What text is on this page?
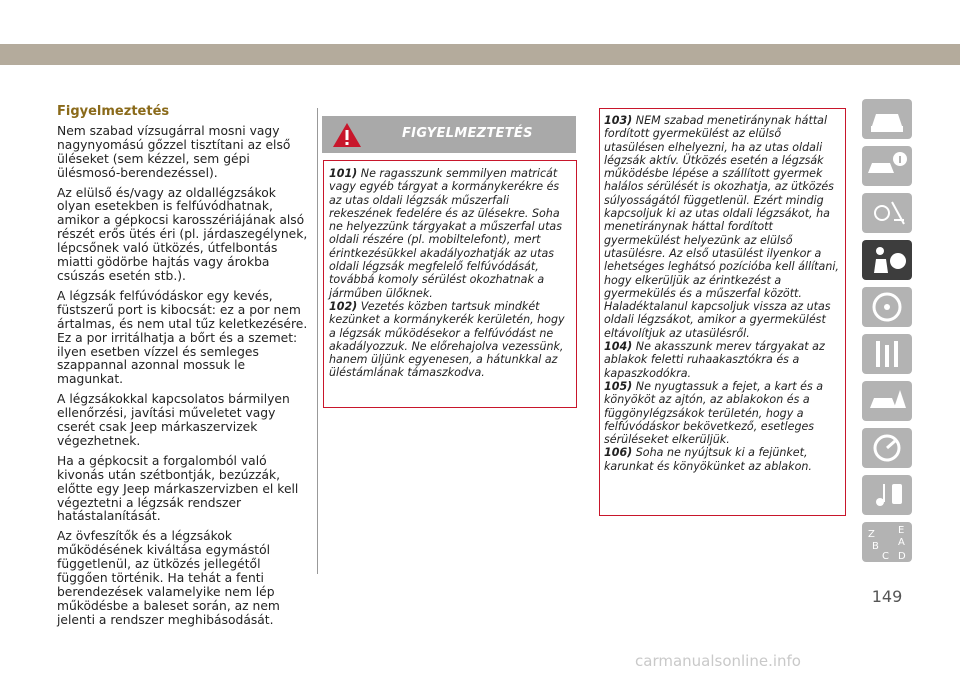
Figyelmeztetés

Nem szabad vízsugárral mosni vagy nagynyomású gőzzel tisztítani az első üléseket (sem kézzel, sem gépi ülésmosó-berendezéssel).

Az elülső és/vagy az oldallégzsákok olyan esetekben is felfúvódhatnak, amikor a gépkocsi karosszériájának alsó részét erős ütés éri (pl. járdaszegélynek, lépcsőnek való ütközés, útfelbontás miatti gödörbe hajtás vagy árokba csúszás esetén stb.).

A légzsák felfúvódáskor egy kevés, füstszerű port is kibocsát: ez a por nem ártalmas, és nem utal tűz keletkezésére. Ez a por irritálhatja a bőrt és a szemet: ilyen esetben vízzel és semleges szappannal azonnal mossuk le magunkat.

A légzsákokkal kapcsolatos bármilyen ellenőrzési, javítási műveletet vagy cserét csak Jeep márkaszervizek végezhetnek.

Ha a gépkocsit a forgalomból való kivonás után szétbontják, bezúzzák, előtte egy Jeep márkaszervizben el kell végeztetni a légzsák rendszer hatástalanítását.

Az övfeszítők és a légzsákok működésének kiváltása egymástól függetlenül, az ütközés jellegétől függően történik. Ha tehát a fenti berendezések valamelyike nem lép működésbe a baleset során, az nem jelenti a rendszer meghibásodását.

FIGYELMEZTETÉS

101) Ne ragasszunk semmilyen matricát vagy egyéb tárgyat a kormánykerékre és az utas oldali légzsák műszerfali rekeszének fedelére és az ülésekre. Soha ne helyezzünk tárgyakat a műszerfal utas oldali részére (pl. mobiltelefont), mert érintkezésükkel akadályozhatják az utas oldali légzsák megfelelő felfúvódását, továbbá komoly sérülést okozhatnak a járműben ülőknek.

102) Vezetés közben tartsuk mindkét kezünket a kormánykerék kerületén, hogy a légzsák működésekor a felfúvódást ne akadályozzuk. Ne előrehajolva vezessünk, hanem üljünk egyenesen, a hátunkkal az üléstámlának támaszkodva.

103) NEM szabad menetiránynak háttal fordított gyermekülést az elülső utasülésen elhelyezni, ha az utas oldali légzsák aktív. Ütközés esetén a légzsák működésbe lépése a szállított gyermek halálos sérülését is okozhatja, az ütközés súlyosságától függetlenül. Ezért mindig kapcsoljuk ki az utas oldali légzsákot, ha menetiránynak háttal fordított gyermekülést helyezünk az elülső utasülésre. Az első utasülést ilyenkor a lehetséges leghátsó pozícióba kell állítani, hogy elkerüljük az érintkezést a gyermekülés és a műszerfal között. Haladéktalanul kapcsoljuk vissza az utas oldali légzsákot, amikor a gyermekülést eltávolítjuk az utasülésről.

104) Ne akasszunk merev tárgyakat az ablakok feletti ruhaakasztókra és a kapaszkodókra.

105) Ne nyugtassuk a fejet, a kart és a könyököt az ajtón, az ablakokon és a függönylégzsákok területén, hogy a felfúvódáskor bekövetkező, esetleges sérüléseket elkerüljük.

106) Soha ne nyújtsuk ki a fejünket, karunkat és könyökünket az ablakon.

Z E
B A
C D
149
carmanualsonline.info
